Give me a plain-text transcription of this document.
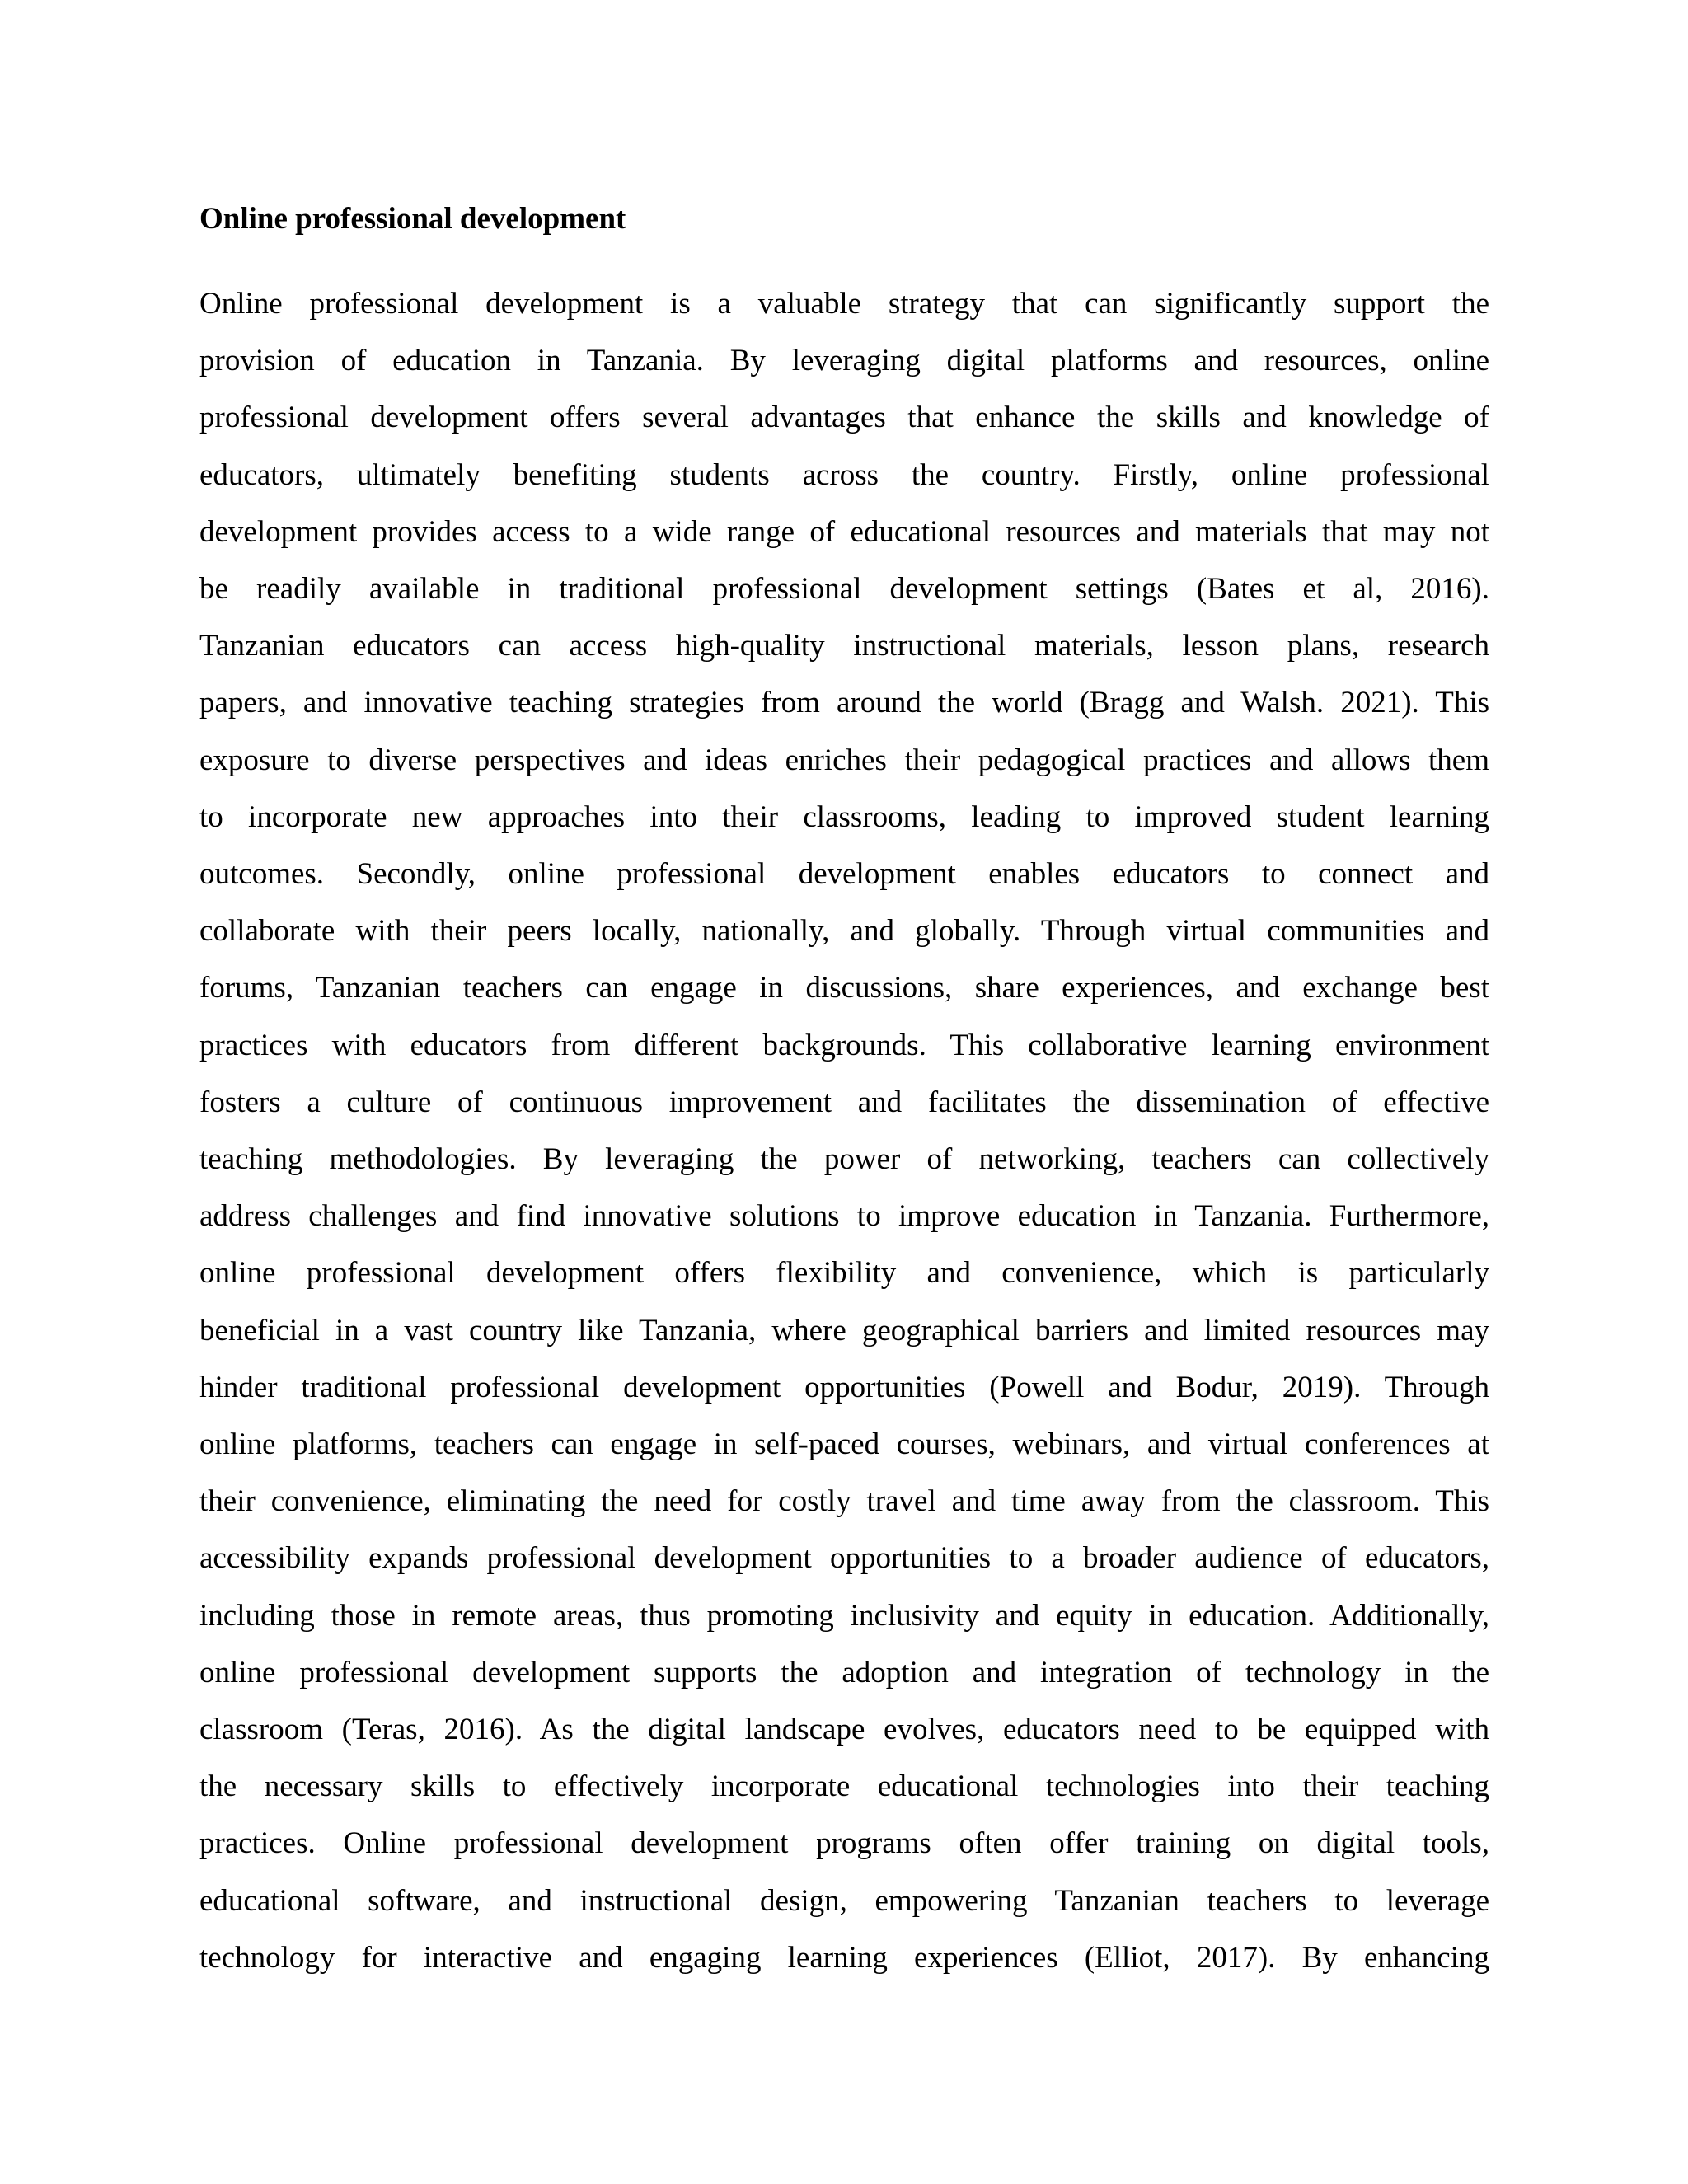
Online professional development

Online professional development is a valuable strategy that can significantly support the
provision of education in Tanzania. By leveraging digital platforms and resources, online
professional development offers several advantages that enhance the skills and knowledge of
educators, ultimately benefiting students across the country. Firstly, online professional
development provides access to a wide range of educational resources and materials that may not
be readily available in traditional professional development settings (Bates et al, 2016).
Tanzanian educators can access high-quality instructional materials, lesson plans, research
papers, and innovative teaching strategies from around the world (Bragg and Walsh. 2021). This
exposure to diverse perspectives and ideas enriches their pedagogical practices and allows them
to incorporate new approaches into their classrooms, leading to improved student learning
outcomes. Secondly, online professional development enables educators to connect and
collaborate with their peers locally, nationally, and globally. Through virtual communities and
forums, Tanzanian teachers can engage in discussions, share experiences, and exchange best
practices with educators from different backgrounds. This collaborative learning environment
fosters a culture of continuous improvement and facilitates the dissemination of effective
teaching methodologies. By leveraging the power of networking, teachers can collectively
address challenges and find innovative solutions to improve education in Tanzania. Furthermore,
online professional development offers flexibility and convenience, which is particularly
beneficial in a vast country like Tanzania, where geographical barriers and limited resources may
hinder traditional professional development opportunities (Powell and Bodur, 2019). Through
online platforms, teachers can engage in self-paced courses, webinars, and virtual conferences at
their convenience, eliminating the need for costly travel and time away from the classroom. This
accessibility expands professional development opportunities to a broader audience of educators,
including those in remote areas, thus promoting inclusivity and equity in education. Additionally,
online professional development supports the adoption and integration of technology in the
classroom (Teras, 2016). As the digital landscape evolves, educators need to be equipped with
the necessary skills to effectively incorporate educational technologies into their teaching
practices. Online professional development programs often offer training on digital tools,
educational software, and instructional design, empowering Tanzanian teachers to leverage
technology for interactive and engaging learning experiences (Elliot, 2017). By enhancing
